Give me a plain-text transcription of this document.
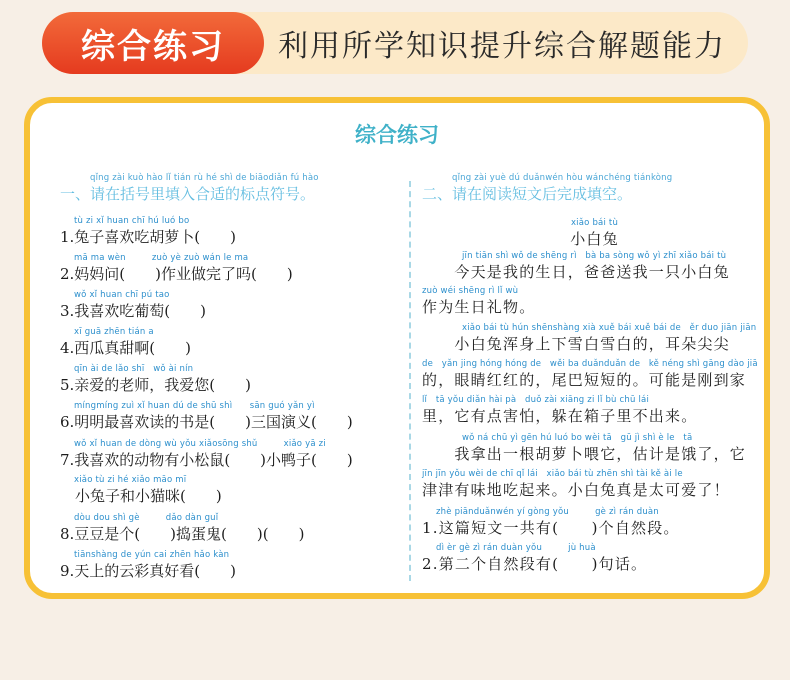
综合练习	利用所学知识提升综合解题能力
综合练习
qǐng zài kuò hào lǐ tián rù hé shì de biāodiǎn fú hào
一、请在括号里填入合适的标点符号。
tù zi xǐ huan chī hú luó bo
1.兔子喜欢吃胡萝卜(　　)
mā ma wèn　　　zuò yè zuò wán le ma
2.妈妈问(　　)作业做完了吗(　　)
wǒ xǐ huan chī pú tao
3.我喜欢吃葡萄(　　)
xī guā zhēn tián a
4.西瓜真甜啊(　　)
qīn ài de lǎo shī　wǒ ài nín
5.亲爱的老师，我爱您(　　)
míngmíng zuì xǐ huan dú de shū shì　　sān guó yǎn yì
6.明明最喜欢读的书是(　　)三国演义(　　)
wǒ xǐ huan de dòng wù yǒu xiǎosōng shǔ　　　xiǎo yā zi
7.我喜欢的动物有小松鼠(　　)小鸭子(　　)
xiǎo tù zi hé xiǎo māo mī
　小兔子和小猫咪(　　)
dòu dou shì gè　　　dǎo dàn guǐ
8.豆豆是个(　　)捣蛋鬼(　　)(　　)
tiānshàng de yún cai zhēn hǎo kàn
9.天上的云彩真好看(　　)
qǐng zài yuè dú duǎnwén hòu wánchéng tiánkòng
二、请在阅读短文后完成填空。
xiǎo bái tù
小白兔
jīn tiān shì wǒ de shēng rì　bà ba sòng wǒ yì zhī xiǎo bái tù
　　今天是我的生日，爸爸送我一只小白兔
zuò wéi shēng rì lǐ wù
作为生日礼物。
xiǎo bái tù hún shēnshàng xià xuě bái xuě bái de　ěr duo jiān jiān
　　小白兔浑身上下雪白雪白的，耳朵尖尖
de　yǎn jing hóng hóng de　wěi ba duǎnduǎn de　kě néng shì gāng dào jiā
的，眼睛红红的，尾巴短短的。可能是刚到家
lǐ　tā yǒu diǎn hài pà　duǒ zài xiāng zi lǐ bù chū lái
里，它有点害怕，躲在箱子里不出来。
wǒ ná chū yì gēn hú luó bo wèi tā　gū jì shì è le　tā
　　我拿出一根胡萝卜喂它，估计是饿了，它
jīn jīn yǒu wèi de chī qǐ lái　xiǎo bái tù zhēn shì tài kě ài le
津津有味地吃起来。小白兔真是太可爱了！
zhè piānduǎnwén yí gòng yǒu　　　gè zì rán duàn
1.这篇短文一共有(　　)个自然段。
dì èr gè zì rán duàn yǒu　　　jù huà
2.第二个自然段有(　　)句话。
